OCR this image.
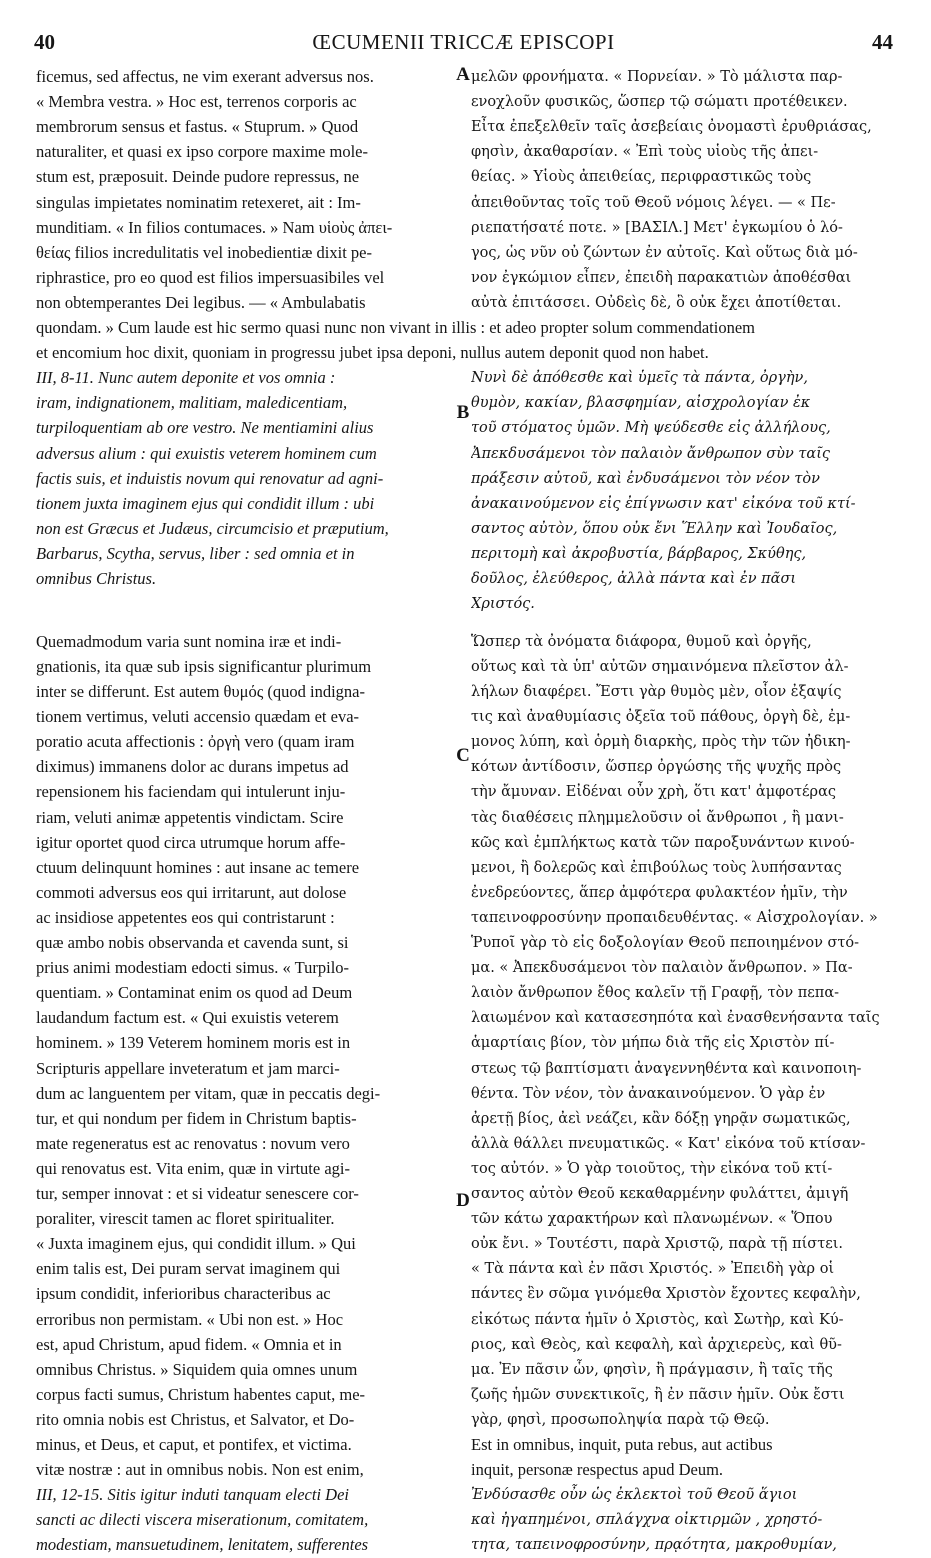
40	ŒCUMENII TRICCÆ EPISCOPI	44
A
B
C
D
ficemus, sed affectus, ne vim exerant adversus nos.
« Membra vestra. » Hoc est, terrenos corporis ac
membrorum sensus et fastus. « Stuprum. » Quod
naturaliter, et quasi ex ipso corpore maxime mole-
stum est, præposuit. Deinde pudore repressus, ne
singulas impietates nominatim retexeret, ait : Im-
munditiam. « In filios contumaces. » Nam υἱοὺς ἀπει-
θείας filios incredulitatis vel inobedientiæ dixit pe-
riphrastice, pro eo quod est filios impersuasibiles vel
non obtemperantes Dei legibus. — « Ambulabatis
μελῶν φρονήματα. « Πορνείαν. » Τὸ μάλιστα παρ-
ενοχλοῦν φυσικῶς, ὥσπερ τῷ σώματι προτέθεικεν.
Εἶτα ἐπεξελθεῖν ταῖς ἀσεβείαις ὀνομαστὶ ἐρυθριάσας,
φησὶν, ἀκαθαρσίαν. « Ἐπὶ τοὺς υἱοὺς τῆς ἀπει-
θείας. » Υἱοὺς ἀπειθείας, περιφραστικῶς τοὺς
ἀπειθοῦντας τοῖς τοῦ Θεοῦ νόμοις λέγει. — « Πε-
ριεπατήσατέ ποτε. » [ΒΑΣΙΛ.] Μετ' ἐγκωμίου ὁ λό-
γος, ὡς νῦν οὐ ζώντων ἐν αὐτοῖς. Καὶ οὕτως διὰ μό-
νον ἐγκώμιον εἶπεν, ἐπειδὴ παρακατιὼν ἀποθέσθαι
αὐτὰ ἐπιτάσσει. Οὐδεὶς δὲ, ὃ οὐκ ἔχει ἀποτίθεται.
quondam. » Cum laude est hic sermo quasi nunc non vivant in illis : et adeo propter solum commendationem
et encomium hoc dixit, quoniam in progressu jubet ipsa deponi, nullus autem deponit quod non habet.
III, 8-11. Nunc autem deponite et vos omnia :
iram, indignationem, malitiam, maledicentiam,
turpiloquentiam ab ore vestro. Ne mentiamini alius
adversus alium : qui exuistis veterem hominem cum
factis suis, et induistis novum qui renovatur ad agni-
tionem juxta imaginem ejus qui condidit illum : ubi
non est Græcus et Judæus, circumcisio et præputium,
Barbarus, Scytha, servus, liber : sed omnia et in
omnibus Christus.
Νυνὶ δὲ ἀπόθεσθε καὶ ὑμεῖς τὰ πάντα, ὀργὴν,
θυμὸν, κακίαν, βλασφημίαν, αἰσχρολογίαν ἐκ
τοῦ στόματος ὑμῶν. Μὴ ψεύδεσθε εἰς ἀλλήλους,
Ἀπεκδυσάμενοι τὸν παλαιὸν ἄνθρωπον σὺν ταῖς
πράξεσιν αὐτοῦ, καὶ ἐνδυσάμενοι τὸν νέον τὸν
ἀνακαινούμενον εἰς ἐπίγνωσιν κατ' εἰκόνα τοῦ κτί-
σαντος αὐτὸν, ὅπου οὐκ ἔνι Ἕλλην καὶ Ἰουδαῖος,
περιτομὴ καὶ ἀκροβυστία, βάρβαρος, Σκύθης,
δοῦλος, ἐλεύθερος, ἀλλὰ πάντα καὶ ἐν πᾶσι
Χριστός.
Quemadmodum varia sunt nomina iræ et indi-
gnationis, ita quæ sub ipsis significantur plurimum
inter se differunt. Est autem θυμός (quod indigna-
tionem vertimus, veluti accensio quædam et eva-
poratio acuta affectionis : ὀργὴ vero (quam iram
diximus) immanens dolor ac durans impetus ad
repensionem his faciendam qui intulerunt inju-
riam, veluti animæ appetentis vindictam. Scire
igitur oportet quod circa utrumque horum affe-
ctuum delinquunt homines : aut insane ac temere
commoti adversus eos qui irritarunt, aut dolose
ac insidiose appetentes eos qui contristarunt :
quæ ambo nobis observanda et cavenda sunt, si
prius animi modestiam edocti simus. « Turpilo-
quentiam. » Contaminat enim os quod ad Deum
laudandum factum est. « Qui exuistis veterem
hominem. » 139 Veterem hominem moris est in
Scripturis appellare inveteratum et jam marci-
dum ac languentem per vitam, quæ in peccatis degi-
tur, et qui nondum per fidem in Christum baptis-
mate regeneratus est ac renovatus : novum vero
qui renovatus est. Vita enim, quæ in virtute agi-
tur, semper innovat : et si videatur senescere cor-
poraliter, virescit tamen ac floret spiritualiter.
« Juxta imaginem ejus, qui condidit illum. » Qui
enim talis est, Dei puram servat imaginem qui
ipsum condidit, inferioribus characteribus ac
erroribus non permistam. « Ubi non est. » Hoc
est, apud Christum, apud fidem. « Omnia et in
omnibus Christus. » Siquidem quia omnes unum
corpus facti sumus, Christum habentes caput, me-
rito omnia nobis est Christus, et Salvator, et Do-
minus, et Deus, et caput, et pontifex, et victima.
vitæ nostræ : aut in omnibus nobis. Non est enim,
Ὥσπερ τὰ ὀνόματα διάφορα, θυμοῦ καὶ ὀργῆς,
οὕτως καὶ τὰ ὑπ' αὐτῶν σημαινόμενα πλεῖστον ἀλ-
λήλων διαφέρει. Ἔστι γὰρ θυμὸς μὲν, οἷον ἐξαψίς
τις καὶ ἀναθυμίασις ὀξεῖα τοῦ πάθους, ὀργὴ δὲ, ἐμ-
μονος λύπη, καὶ ὁρμὴ διαρκὴς, πρὸς τὴν τῶν ἠδικη-
κότων ἀντίδοσιν, ὥσπερ ὀργώσης τῆς ψυχῆς πρὸς
τὴν ἄμυναν. Εἰδέναι οὖν χρὴ, ὅτι κατ' ἀμφοτέρας
τὰς διαθέσεις πλημμελοῦσιν οἱ ἄνθρωποι , ἢ μανι-
κῶς καὶ ἐμπλήκτως κατὰ τῶν παροξυνάντων κινού-
μενοι, ἢ δολερῶς καὶ ἐπιβούλως τοὺς λυπήσαντας
ἐνεδρεύοντες, ἅπερ ἀμφότερα φυλακτέον ἡμῖν, τὴν
ταπεινοφροσύνην προπαιδευθέντας. « Αἰσχρολογίαν. »
Ῥυποῖ γὰρ τὸ εἰς δοξολογίαν Θεοῦ πεποιημένον στό-
μα. « Ἀπεκδυσάμενοι τὸν παλαιὸν ἄνθρωπον. » Πα-
λαιὸν ἄνθρωπον ἔθος καλεῖν τῇ Γραφῇ, τὸν πεπα-
λαιωμένον καὶ κατασεσηπότα καὶ ἐνασθενήσαντα ταῖς
ἁμαρτίαις βίον, τὸν μήπω διὰ τῆς εἰς Χριστὸν πί-
στεως τῷ βαπτίσματι ἀναγεννηθέντα καὶ καινοποιη-
θέντα. Τὸν νέον, τὸν ἀνακαινούμενον. Ὁ γὰρ ἐν
ἀρετῇ βίος, ἀεὶ νεάζει, κἂν δόξῃ γηρᾷν σωματικῶς,
ἀλλὰ θάλλει πνευματικῶς. « Κατ' εἰκόνα τοῦ κτίσαν-
τος αὐτόν. » Ὁ γὰρ τοιοῦτος, τὴν εἰκόνα τοῦ κτί-
σαντος αὐτὸν Θεοῦ κεκαθαρμένην φυλάττει, ἀμιγῆ
τῶν κάτω χαρακτήρων καὶ πλανωμένων. « Ὅπου
οὐκ ἔνι. » Τουτέστι, παρὰ Χριστῷ, παρὰ τῇ πίστει.
« Τὰ πάντα καὶ ἐν πᾶσι Χριστός. » Ἐπειδὴ γὰρ οἱ
πάντες ἓν σῶμα γινόμεθα Χριστὸν ἔχοντες κεφαλὴν,
εἰκότως πάντα ἡμῖν ὁ Χριστὸς, καὶ Σωτὴρ, καὶ Κύ-
ριος, καὶ Θεὸς, καὶ κεφαλὴ, καὶ ἀρχιερεὺς, καὶ θῦ-
μα. Ἐν πᾶσιν ὧν, φησὶν, ἢ πράγμασιν, ἢ ταῖς τῆς
ζωῆς ἡμῶν συνεκτικοῖς, ἢ ἐν πᾶσιν ἡμῖν. Οὐκ ἔστι
γὰρ, φησὶ, προσωποληψία παρὰ τῷ Θεῷ.
Est in omnibus, inquit, puta rebus, aut actibus
inquit, personæ respectus apud Deum.
III, 12-15. Sitis igitur induti tanquam electi Dei
sancti ac dilecti viscera miserationum, comitatem,
modestiam, mansuetudinem, lenitatem, sufferentes
Ἐνδύσασθε οὖν ὡς ἐκλεκτοὶ τοῦ Θεοῦ ἅγιοι
καὶ ἠγαπημένοι, σπλάγχνα οἰκτιρμῶν , χρηστό-
τητα, ταπεινοφροσύνην, πρᾳότητα, μακροθυμίαν,
